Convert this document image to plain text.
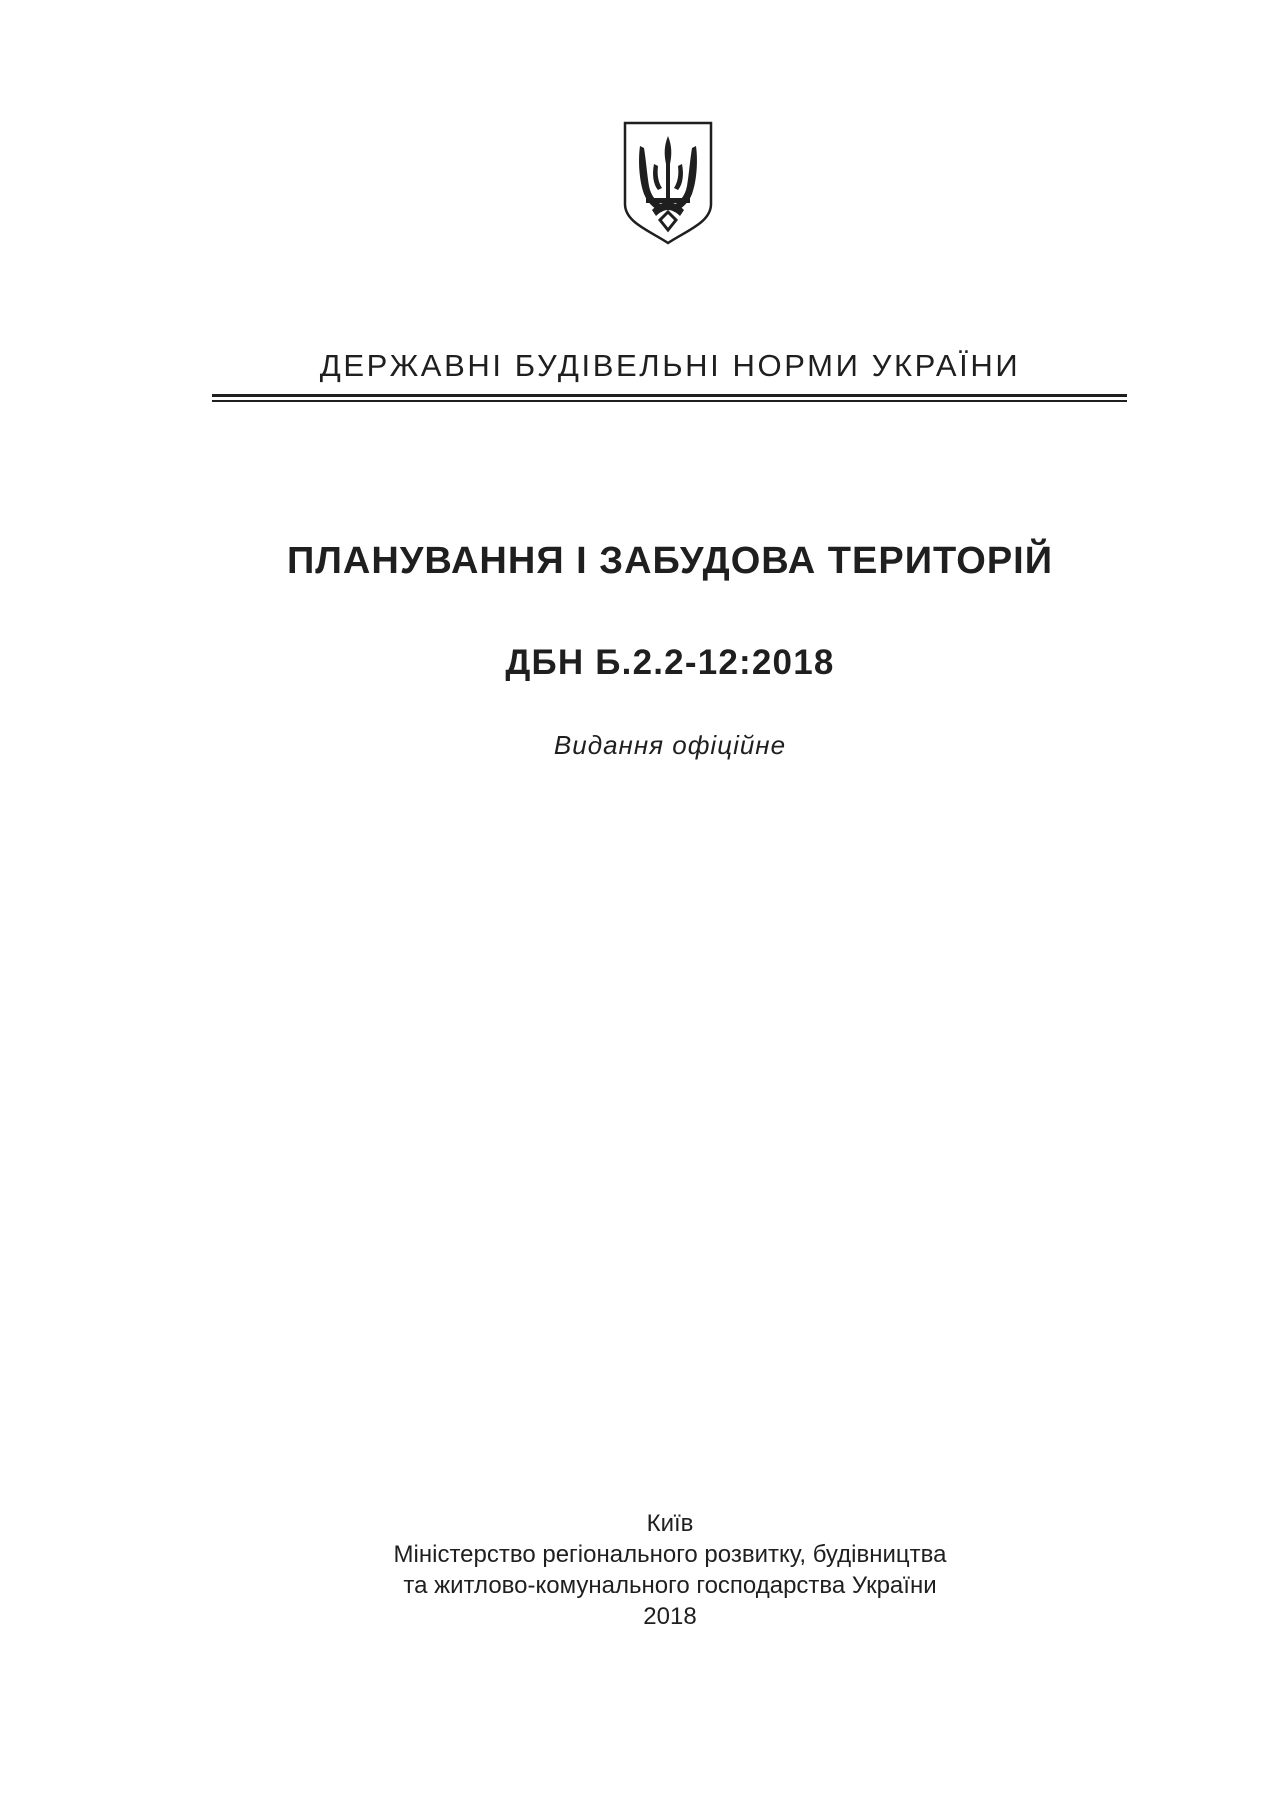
ДЕРЖАВНІ БУДІВЕЛЬНІ НОРМИ УКРАЇНИ
ПЛАНУВАННЯ І ЗАБУДОВА ТЕРИТОРІЙ
ДБН Б.2.2-12:2018
Видання офіційне
Київ
Міністерство регіонального розвитку, будівництва
та житлово-комунального господарства України
2018
